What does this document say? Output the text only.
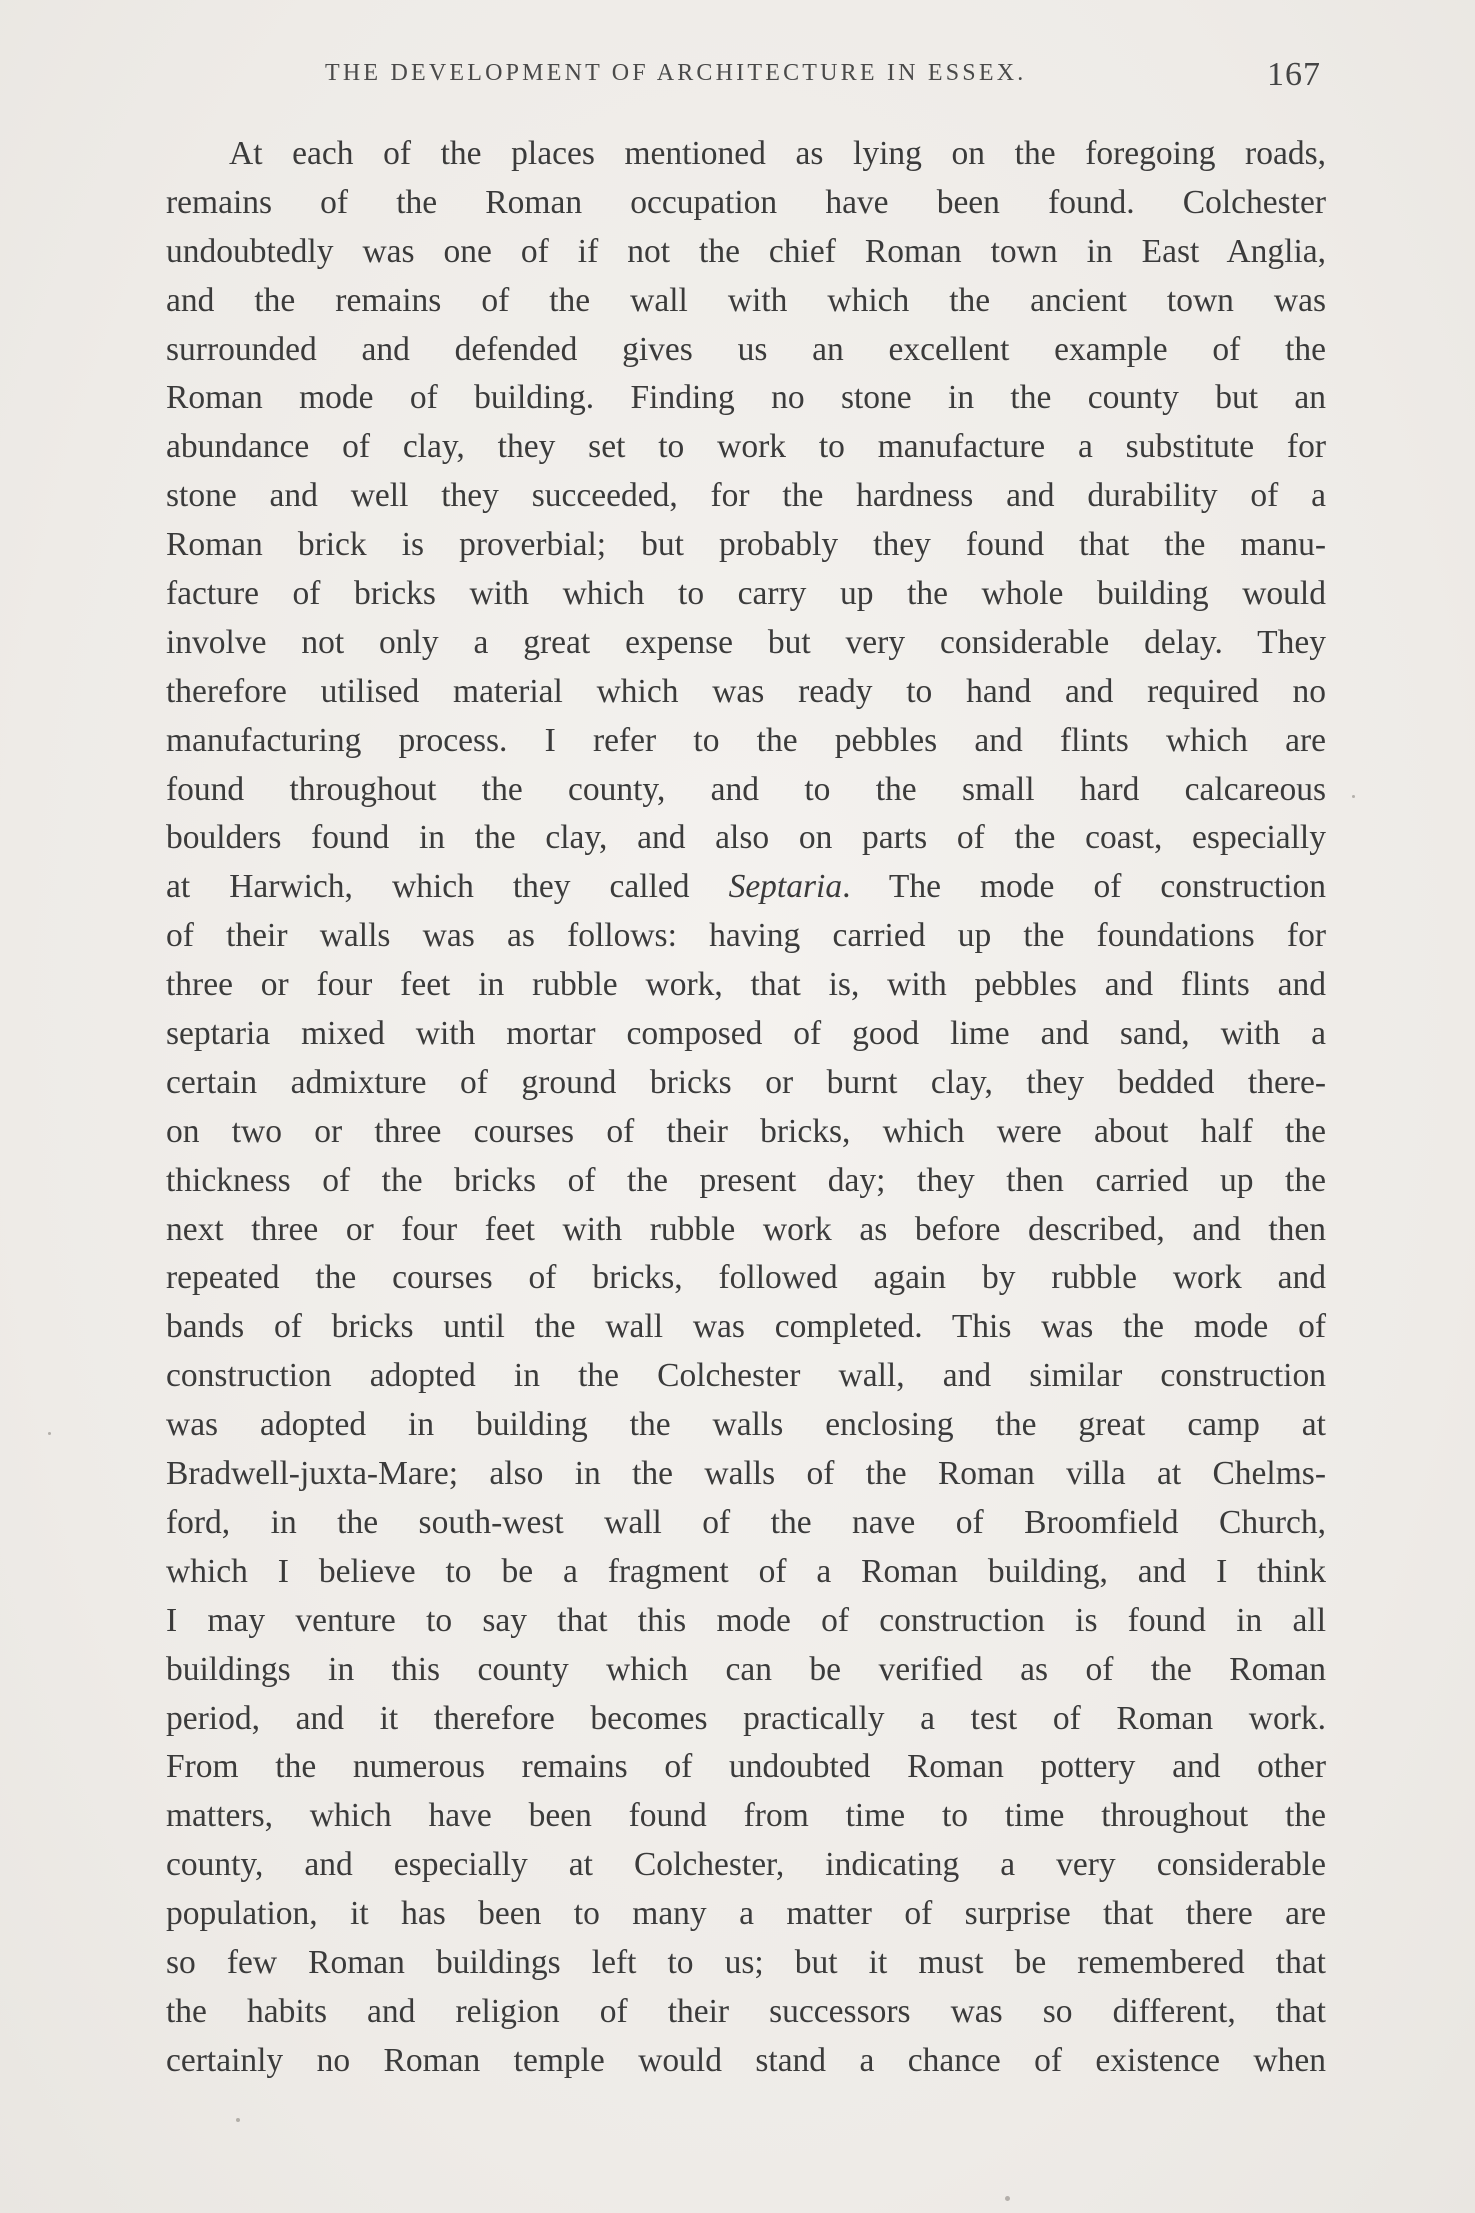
THE DEVELOPMENT OF ARCHITECTURE IN ESSEX.	167
At each of the places mentioned as lying on the foregoing roads,
remains of the Roman occupation have been found. Colchester
undoubtedly was one of if not the chief Roman town in East Anglia,
and the remains of the wall with which the ancient town was
surrounded and defended gives us an excellent example of the
Roman mode of building. Finding no stone in the county but an
abundance of clay, they set to work to manufacture a substitute for
stone and well they succeeded, for the hardness and durability of a
Roman brick is proverbial; but probably they found that the manu-
facture of bricks with which to carry up the whole building would
involve not only a great expense but very considerable delay. They
therefore utilised material which was ready to hand and required no
manufacturing process. I refer to the pebbles and flints which are
found throughout the county, and to the small hard calcareous
boulders found in the clay, and also on parts of the coast, especially
at Harwich, which they called Septaria. The mode of construction
of their walls was as follows: having carried up the foundations for
three or four feet in rubble work, that is, with pebbles and flints and
septaria mixed with mortar composed of good lime and sand, with a
certain admixture of ground bricks or burnt clay, they bedded there-
on two or three courses of their bricks, which were about half the
thickness of the bricks of the present day; they then carried up the
next three or four feet with rubble work as before described, and then
repeated the courses of bricks, followed again by rubble work and
bands of bricks until the wall was completed. This was the mode of
construction adopted in the Colchester wall, and similar construction
was adopted in building the walls enclosing the great camp at
Bradwell-juxta-Mare; also in the walls of the Roman villa at Chelms-
ford, in the south-west wall of the nave of Broomfield Church,
which I believe to be a fragment of a Roman building, and I think
I may venture to say that this mode of construction is found in all
buildings in this county which can be verified as of the Roman
period, and it therefore becomes practically a test of Roman work.
From the numerous remains of undoubted Roman pottery and other
matters, which have been found from time to time throughout the
county, and especially at Colchester, indicating a very considerable
population, it has been to many a matter of surprise that there are
so few Roman buildings left to us; but it must be remembered that
the habits and religion of their successors was so different, that
certainly no Roman temple would stand a chance of existence when
